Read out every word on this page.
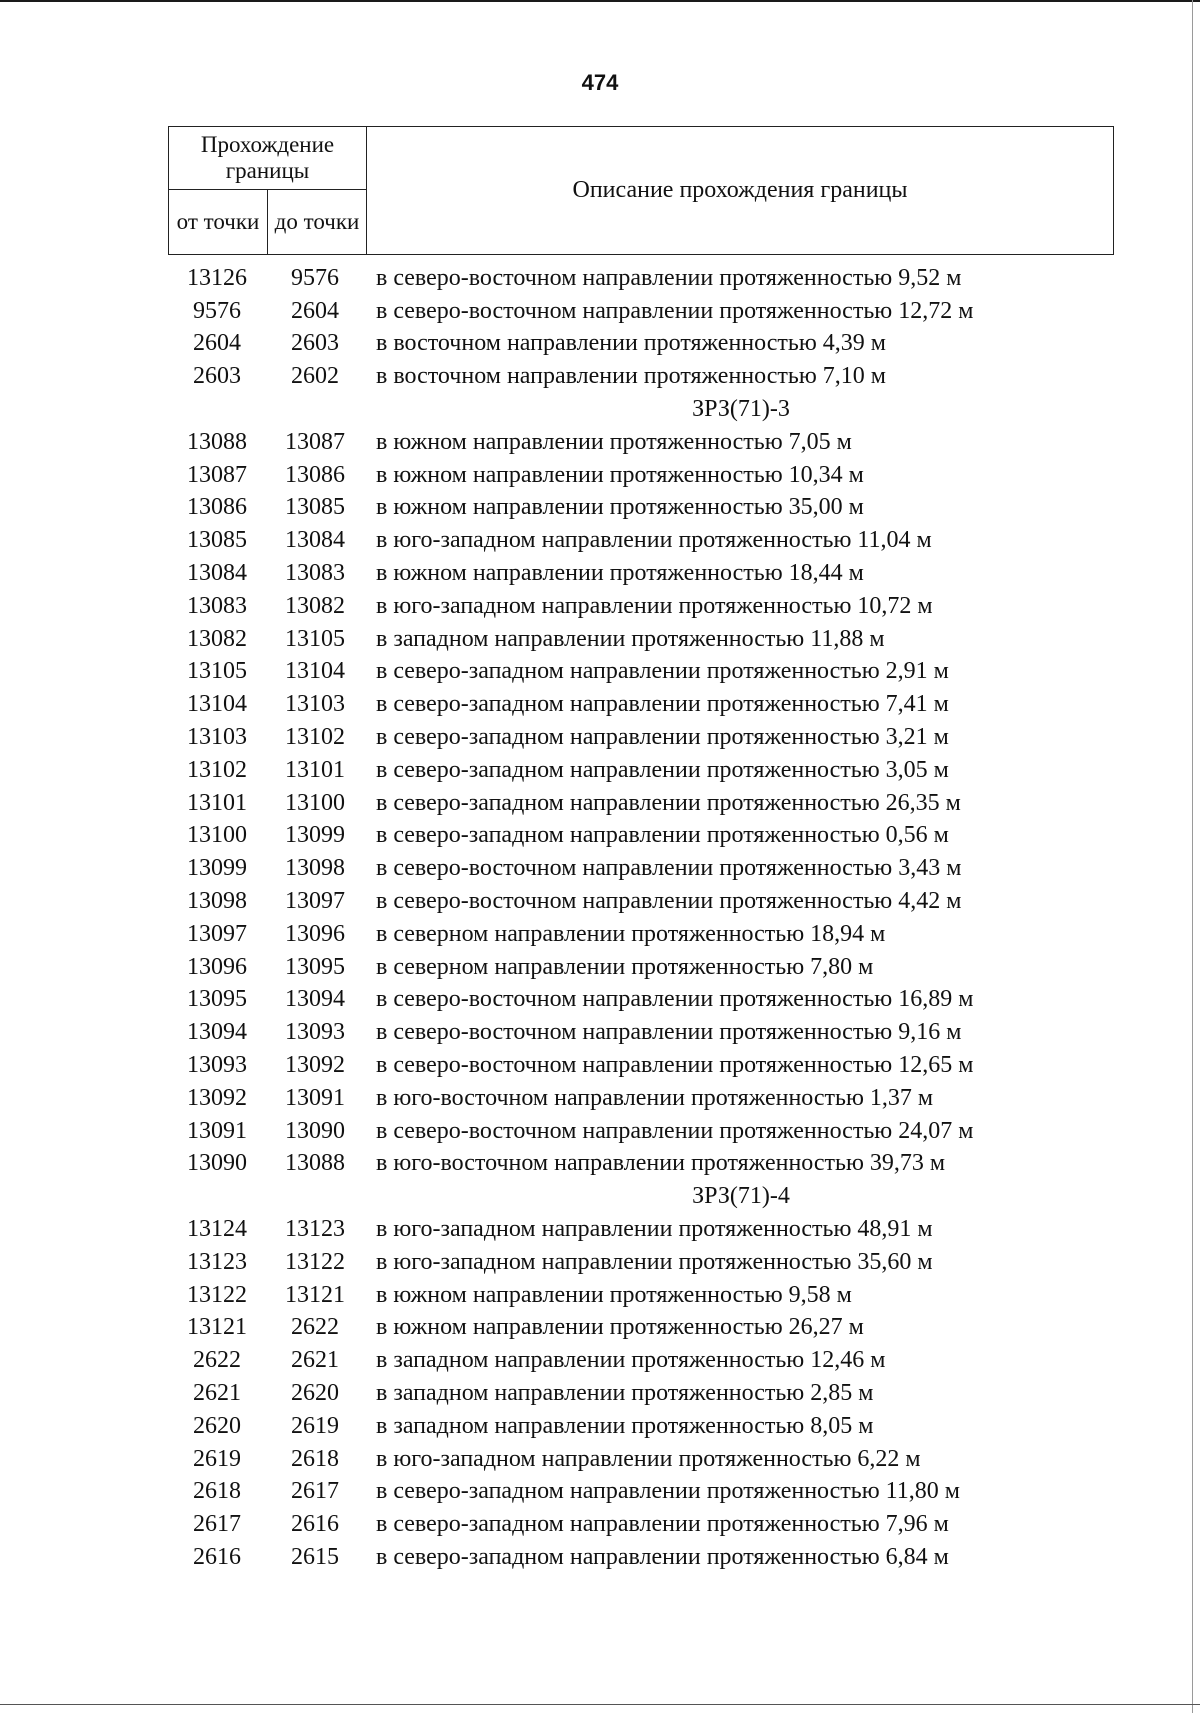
474
Прохождение границы		Описание прохождения границы
от точки	до точки	
13126	9576	в северо-восточном направлении протяженностью 9,52 м
9576	2604	в северо-восточном направлении протяженностью 12,72 м
2604	2603	в восточном направлении протяженностью 4,39 м
2603	2602	в восточном направлении протяженностью 7,10 м
ЗРЗ(71)-3
13088	13087	в южном направлении протяженностью 7,05 м
13087	13086	в южном направлении протяженностью 10,34 м
13086	13085	в южном направлении протяженностью 35,00 м
13085	13084	в юго-западном направлении протяженностью 11,04 м
13084	13083	в южном направлении протяженностью 18,44 м
13083	13082	в юго-западном направлении протяженностью 10,72 м
13082	13105	в западном направлении протяженностью 11,88 м
13105	13104	в северо-западном направлении протяженностью 2,91 м
13104	13103	в северо-западном направлении протяженностью 7,41 м
13103	13102	в северо-западном направлении протяженностью 3,21 м
13102	13101	в северо-западном направлении протяженностью 3,05 м
13101	13100	в северо-западном направлении протяженностью 26,35 м
13100	13099	в северо-западном направлении протяженностью 0,56 м
13099	13098	в северо-восточном направлении протяженностью 3,43 м
13098	13097	в северо-восточном направлении протяженностью 4,42 м
13097	13096	в северном направлении протяженностью 18,94 м
13096	13095	в северном направлении протяженностью 7,80 м
13095	13094	в северо-восточном направлении протяженностью 16,89 м
13094	13093	в северо-восточном направлении протяженностью 9,16 м
13093	13092	в северо-восточном направлении протяженностью 12,65 м
13092	13091	в юго-восточном направлении протяженностью 1,37 м
13091	13090	в северо-восточном направлении протяженностью 24,07 м
13090	13088	в юго-восточном направлении протяженностью 39,73 м
ЗРЗ(71)-4
13124	13123	в юго-западном направлении протяженностью 48,91 м
13123	13122	в юго-западном направлении протяженностью 35,60 м
13122	13121	в южном направлении протяженностью 9,58 м
13121	2622	в южном направлении протяженностью 26,27 м
2622	2621	в западном направлении протяженностью 12,46 м
2621	2620	в западном направлении протяженностью 2,85 м
2620	2619	в западном направлении протяженностью 8,05 м
2619	2618	в юго-западном направлении протяженностью 6,22 м
2618	2617	в северо-западном направлении протяженностью 11,80 м
2617	2616	в северо-западном направлении протяженностью 7,96 м
2616	2615	в северо-западном направлении протяженностью 6,84 м
